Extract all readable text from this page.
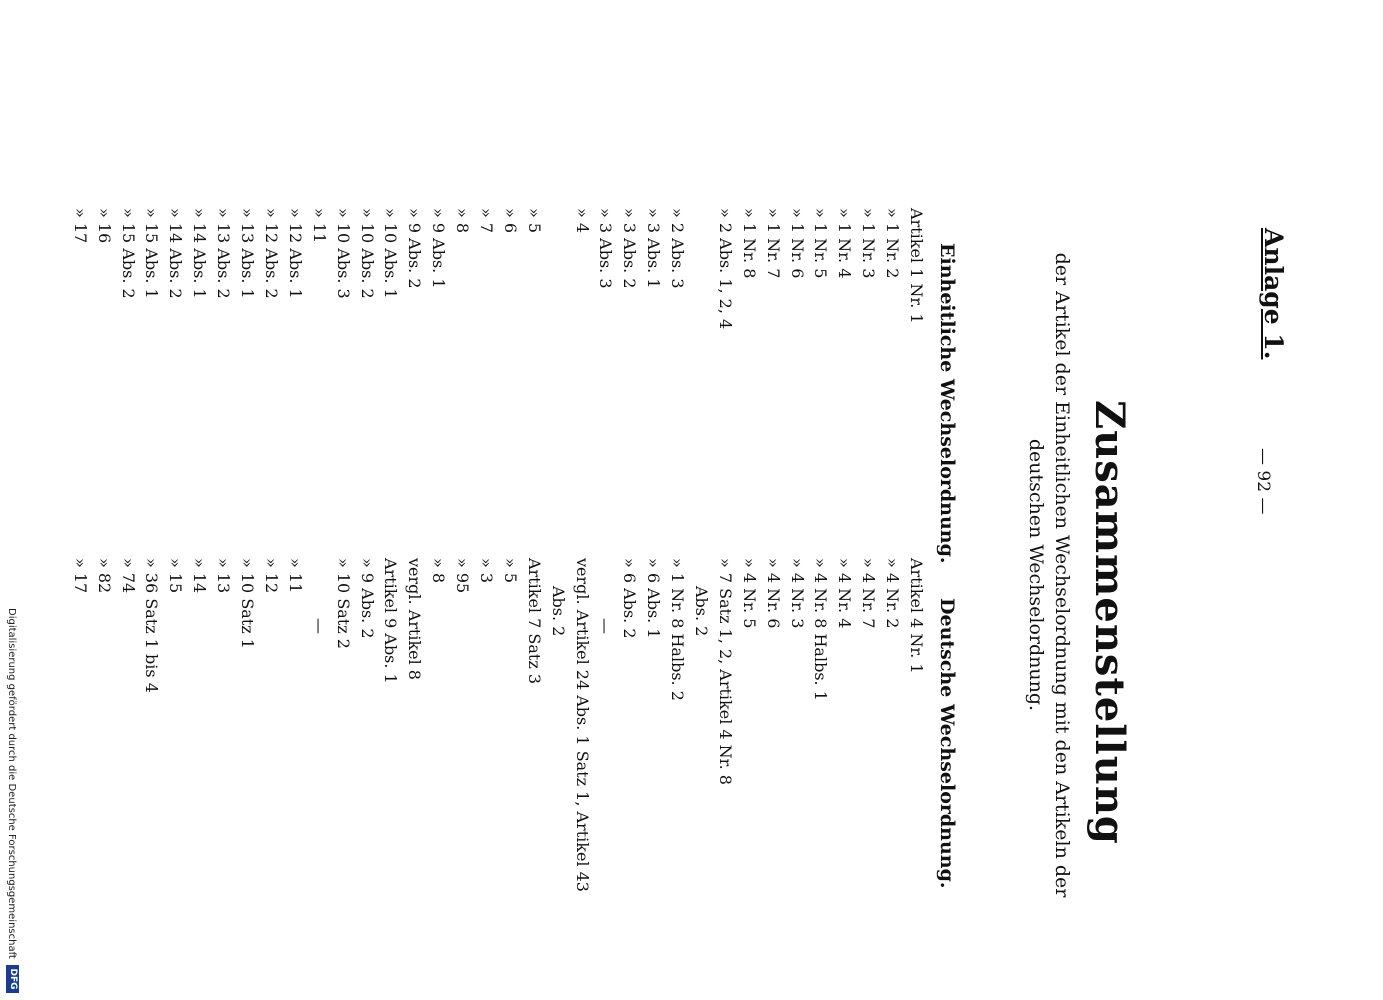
Anlage 1.
— 92 —
Zusammenstellung
der Artikel der Einheitlichen Wechselordnung mit den Artikeln der deutschen Wechselordnung.
Einheitliche Wechselordnung.
Deutsche Wechselordnung.
Artikel 1 Nr. 1
» 1 Nr. 2
» 1 Nr. 3
» 1 Nr. 4
» 1 Nr. 5
» 1 Nr. 6
» 1 Nr. 7
» 1 Nr. 8
» 2 Abs. 1, 2, 4
» 2 Abs. 3
» 3 Abs. 1
» 3 Abs. 2
» 3 Abs. 3
» 4
» 5
» 6
» 7
» 8
» 9 Abs. 1
» 9 Abs. 2
» 10 Abs. 1
» 10 Abs. 2
» 10 Abs. 3
» 11
» 12 Abs. 1
» 12 Abs. 2
» 13 Abs. 1
» 13 Abs. 2
» 14 Abs. 1
» 14 Abs. 2
» 15 Abs. 1
» 15 Abs. 2
» 16
» 17
Artikel 4 Nr. 1
» 4 Nr. 2
» 4 Nr. 7
» 4 Nr. 4
» 4 Nr. 8 Halbs. 1
» 4 Nr. 3
» 4 Nr. 6
» 4 Nr. 5
» 7 Satz 1, 2, Artikel 4 Nr. 8
Abs. 2
» 1 Nr. 8 Halbs. 2
» 6 Abs. 1
» 6 Abs. 2
—
vergl. Artikel 24 Abs. 1 Satz 1, Artikel 43
Abs. 2
Artikel 7 Satz 3
» 5
» 3
» 95
» 8
vergl. Artikel 8
Artikel 9 Abs. 1
» 9 Abs. 2
» 10 Satz 2
—
» 11
» 12
» 10 Satz 1
» 13
» 14
» 15
» 36 Satz 1 bis 4
» 74
» 82
» 17
Digitalisierung gefördert durch die Deutsche Forschungsgemeinschaft
DFG
